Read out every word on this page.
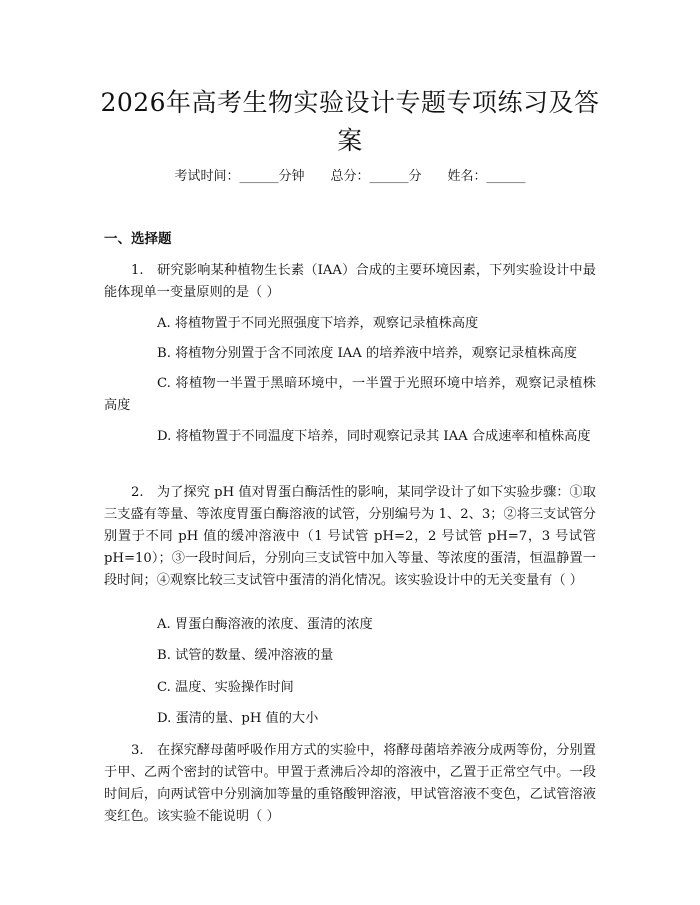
2026年高考生物实验设计专题专项练习及答案
考试时间：______分钟　　总分：______分　　姓名：______
一、选择题
1.　研究影响某种植物生长素（IAA）合成的主要环境因素，下列实验设计中最能体现单一变量原则的是（ ）
A. 将植物置于不同光照强度下培养，观察记录植株高度
B. 将植物分别置于含不同浓度 IAA 的培养液中培养，观察记录植株高度
C. 将植物一半置于黑暗环境中，一半置于光照环境中培养，观察记录植株高度
D. 将植物置于不同温度下培养，同时观察记录其 IAA 合成速率和植株高度
2.　为了探究 pH 值对胃蛋白酶活性的影响，某同学设计了如下实验步骤：①取三支盛有等量、等浓度胃蛋白酶溶液的试管，分别编号为 1、2、3；②将三支试管分别置于不同 pH 值的缓冲溶液中（1 号试管 pH=2，2 号试管 pH=7，3 号试管 pH=10）；③一段时间后，分别向三支试管中加入等量、等浓度的蛋清，恒温静置一段时间；④观察比较三支试管中蛋清的消化情况。该实验设计中的无关变量有（ ）
A. 胃蛋白酶溶液的浓度、蛋清的浓度
B. 试管的数量、缓冲溶液的量
C. 温度、实验操作时间
D. 蛋清的量、pH 值的大小
3.　在探究酵母菌呼吸作用方式的实验中，将酵母菌培养液分成两等份，分别置于甲、乙两个密封的试管中。甲置于煮沸后冷却的溶液中，乙置于正常空气中。一段时间后，向两试管中分别滴加等量的重铬酸钾溶液，甲试管溶液不变色，乙试管溶液变红色。该实验不能说明（ ）
